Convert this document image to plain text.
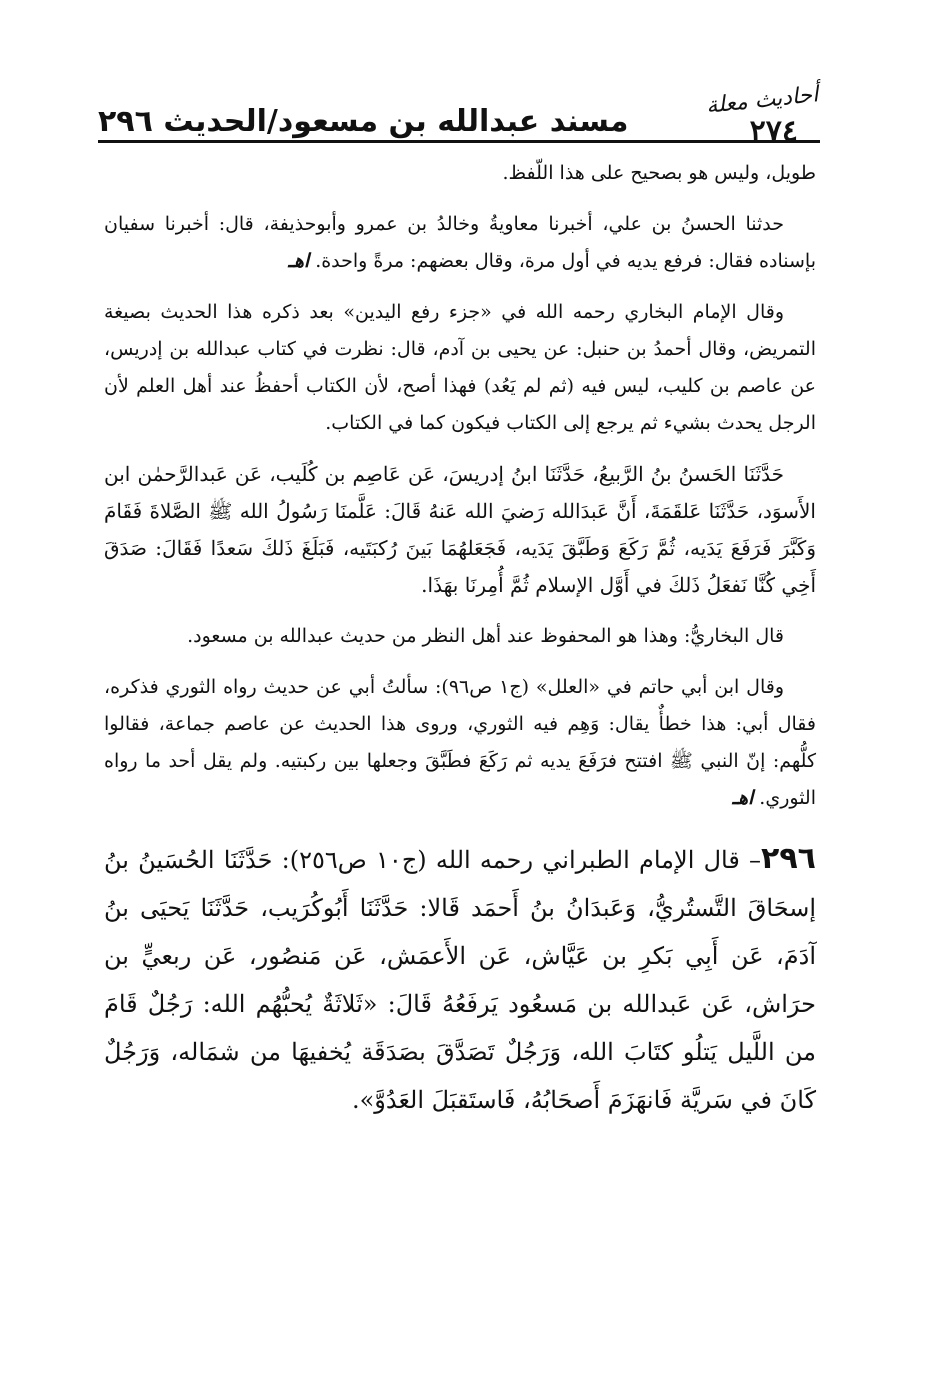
أحاديث معلة
٢٧٤
مسند عبدالله بن مسعود/الحديث ٢٩٦

طويل، وليس هو بصحيح على هذا اللّفظ.

حدثنا الحسنُ بن علي، أخبرنا معاويةُ وخالدُ بن عمرو وأبوحذيفة، قال: أخبرنا سفيان بإسناده فقال: فرفع يديه في أول مرة، وقال بعضهم: مرةً واحدة. اهـ

وقال الإمام البخاري رحمه الله في «جزء رفع اليدين» بعد ذكره هذا الحديث بصيغة التمريض، وقال أحمدُ بن حنبل: عن يحيى بن آدم، قال: نظرت في كتاب عبدالله بن إدريس، عن عاصم بن كليب، ليس فيه (ثم لم يَعُد) فهذا أصح، لأن الكتاب أحفظُ عند أهل العلم لأن الرجل يحدث بشيء ثم يرجع إلى الكتاب فيكون كما في الكتاب.

حَدَّثَنَا الحَسنُ بنُ الرَّبيعُ، حَدَّثَنَا ابنُ إدريسَ، عَن عَاصِم بن كُلَيب، عَن عَبدالرَّحمٰن ابن الأَسوَد، حَدَّثَنَا عَلقَمَةَ، أَنَّ عَبدَالله رَضيَ الله عَنهُ قَالَ: عَلَّمنَا رَسُولُ الله ﷺ الصَّلاةَ فَقَامَ وَكَبَّرَ فَرَفَعَ يَدَيه، ثُمَّ رَكَعَ وَطَبَّقَ يَدَيه، فَجَعَلهُمَا بَينَ رُكبَتَيه، فَبَلَغَ ذَلكَ سَعدًا فَقَالَ: صَدَقَ أَخِي كُنَّا نَفعَلُ ذَلكَ في أَوَّل الإسلام ثُمَّ أُمِرنَا بهَذَا.

قال البخاريُّ: وهذا هو المحفوظ عند أهل النظر من حديث عبدالله بن مسعود.

وقال ابن أبي حاتم في «العلل» (ج١ ص٩٦): سألتُ أبي عن حديث رواه الثوري فذكره، فقال أبي: هذا خطأٌ يقال: وَهِم فيه الثوري، وروى هذا الحديث عن عاصم جماعة، فقالوا كلُّهم: إنّ النبي ﷺ افتتح فرَفَعَ يديه ثم رَكَعَ فطَبَّقَ وجعلها بين ركبتيه. ولم يقل أحد ما رواه الثوري. اهـ

٢٩٦– قال الإمام الطبراني رحمه الله (ج١٠ ص٢٥٦): حَدَّثَنَا الحُسَينُ بنُ إسحَاقَ التَّستُريُّ، وَعَبدَانُ بنُ أَحمَد قَالا: حَدَّثَنَا أَبُوكُرَيب، حَدَّثَنَا يَحيَى بنُ آدَمَ، عَن أَبِي بَكرِ بن عَيَّاش، عَن الأَعمَش، عَن مَنصُور، عَن ربعيٍّ بن حرَاش، عَن عَبدالله بن مَسعُود يَرفَعُهُ قَالَ: «ثَلاثَةٌ يُحبُّهُم الله: رَجُلٌ قَامَ من اللَّيل يَتلُو كتَابَ الله، وَرَجُلٌ تَصَدَّقَ بصَدَقَة يُخفيهَا من شمَاله، وَرَجُلٌ كَانَ في سَريَّة فَانهَزَمَ أَصحَابُهُ، فَاستَقبَلَ العَدُوَّ».
